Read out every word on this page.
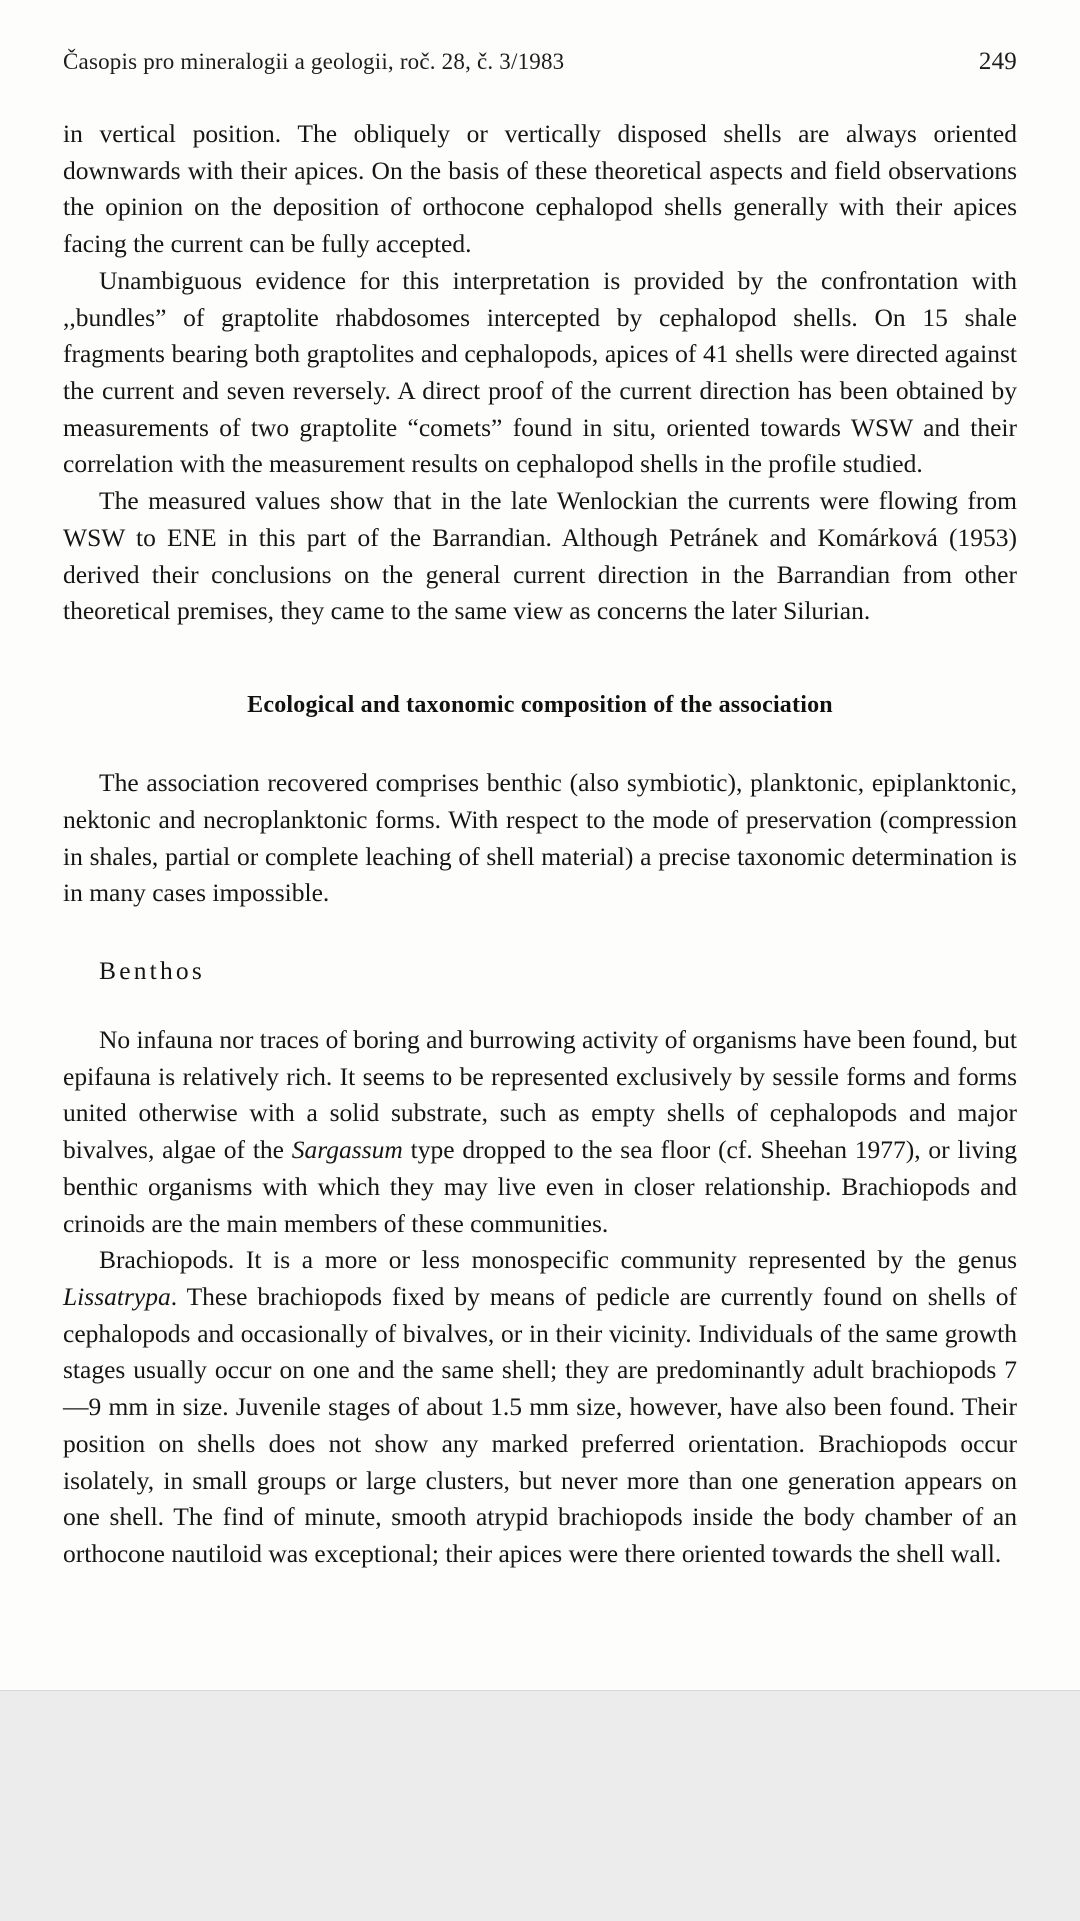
Časopis pro mineralogii a geologii, roč. 28, č. 3/1983	249

in vertical position. The obliquely or vertically disposed shells are always oriented downwards with their apices. On the basis of these theoretical aspects and field observations the opinion on the deposition of orthocone cephalopod shells generally with their apices facing the current can be fully accepted.

Unambiguous evidence for this interpretation is provided by the confrontation with ,,bundles” of graptolite rhabdosomes intercepted by cephalopod shells. On 15 shale fragments bearing both graptolites and cephalopods, apices of 41 shells were directed against the current and seven reversely. A direct proof of the current direction has been obtained by measurements of two graptolite “comets” found in situ, oriented towards WSW and their correlation with the measurement results on cephalopod shells in the profile studied.

The measured values show that in the late Wenlockian the currents were flowing from WSW to ENE in this part of the Barrandian. Although Petránek and Komárková (1953) derived their conclusions on the general current direction in the Barrandian from other theoretical premises, they came to the same view as concerns the later Silurian.

Ecological and taxonomic composition of the association

The association recovered comprises benthic (also symbiotic), planktonic, epiplanktonic, nektonic and necroplanktonic forms. With respect to the mode of preservation (compression in shales, partial or complete leaching of shell material) a precise taxonomic determination is in many cases impossible.

Benthos

No infauna nor traces of boring and burrowing activity of organisms have been found, but epifauna is relatively rich. It seems to be represented exclusively by sessile forms and forms united otherwise with a solid substrate, such as empty shells of cephalopods and major bivalves, algae of the Sargassum type dropped to the sea floor (cf. Sheehan 1977), or living benthic organisms with which they may live even in closer relationship. Brachiopods and crinoids are the main members of these communities.

Brachiopods. It is a more or less monospecific community represented by the genus Lissatrypa. These brachiopods fixed by means of pedicle are currently found on shells of cephalopods and occasionally of bivalves, or in their vicinity. Individuals of the same growth stages usually occur on one and the same shell; they are predominantly adult brachiopods 7—9 mm in size. Juvenile stages of about 1.5 mm size, however, have also been found. Their position on shells does not show any marked preferred orientation. Brachiopods occur isolately, in small groups or large clusters, but never more than one generation appears on one shell. The find of minute, smooth atrypid brachiopods inside the body chamber of an orthocone nautiloid was exceptional; their apices were there oriented towards the shell wall.
